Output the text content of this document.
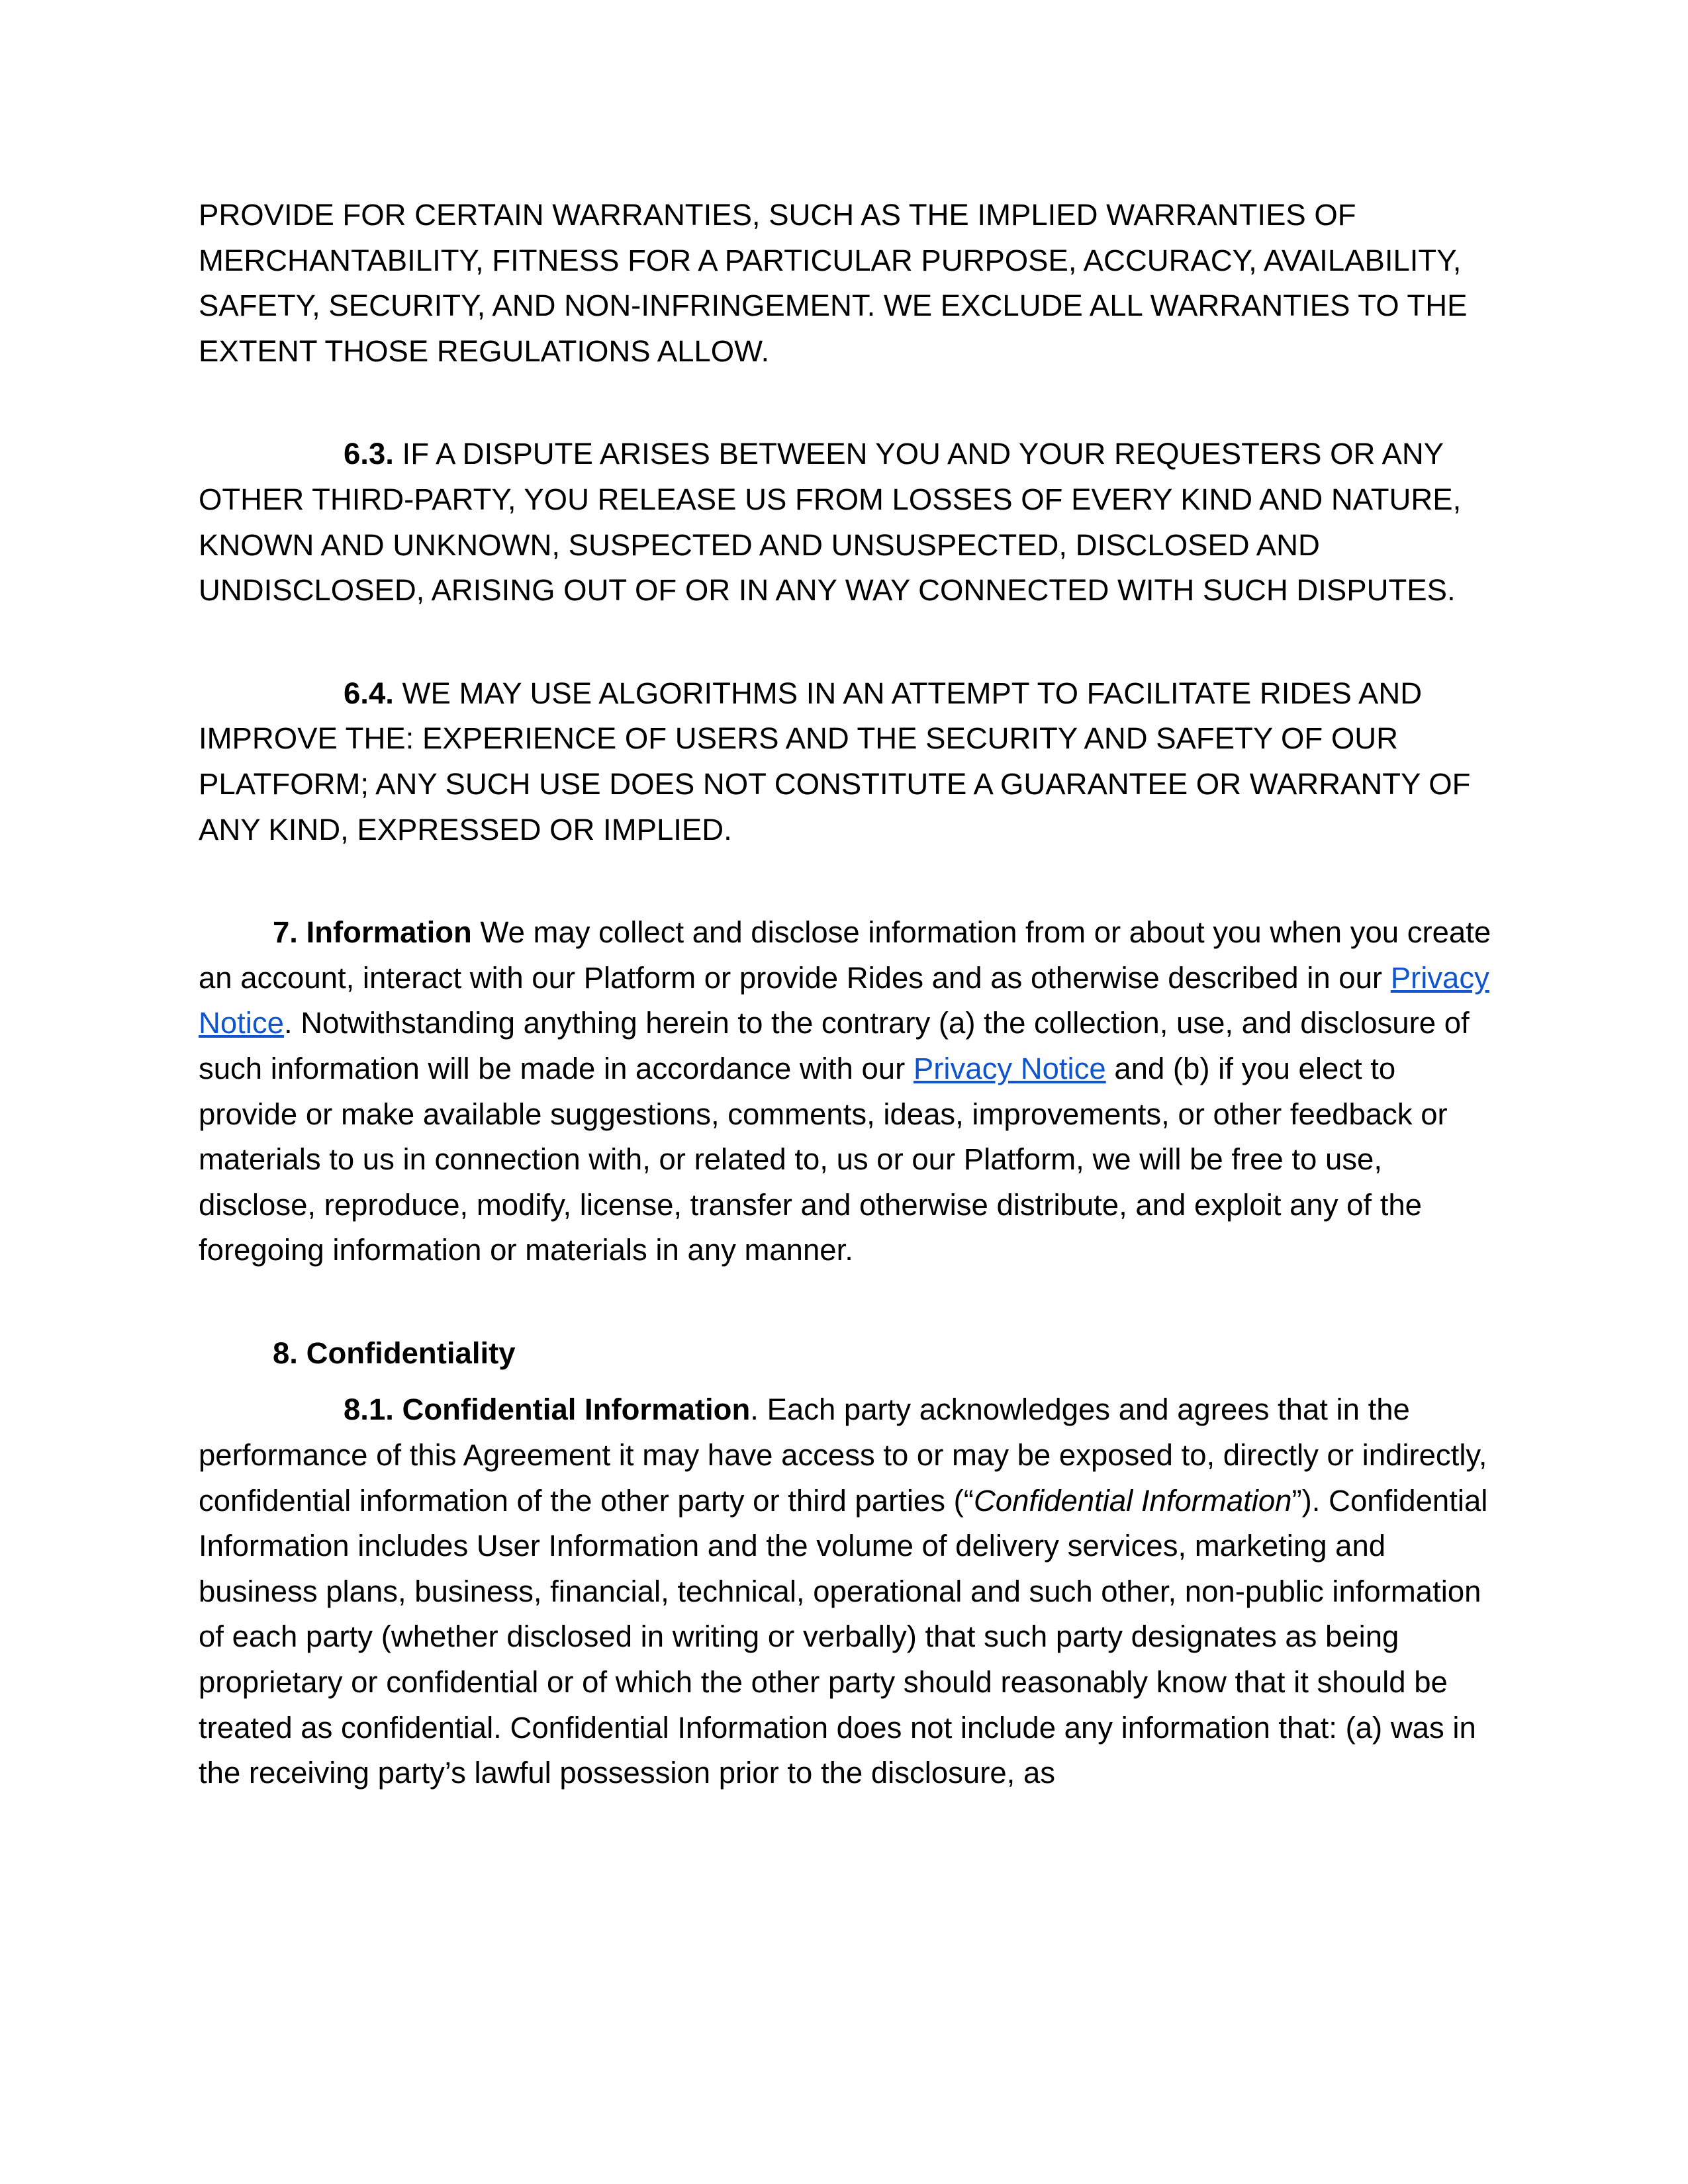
PROVIDE FOR CERTAIN WARRANTIES, SUCH AS THE IMPLIED WARRANTIES OF MERCHANTABILITY, FITNESS FOR A PARTICULAR PURPOSE, ACCURACY, AVAILABILITY, SAFETY, SECURITY, AND NON-INFRINGEMENT. WE EXCLUDE ALL WARRANTIES TO THE EXTENT THOSE REGULATIONS ALLOW.

6.3. IF A DISPUTE ARISES BETWEEN YOU AND YOUR REQUESTERS OR ANY OTHER THIRD-PARTY, YOU RELEASE US FROM LOSSES OF EVERY KIND AND NATURE, KNOWN AND UNKNOWN, SUSPECTED AND UNSUSPECTED, DISCLOSED AND UNDISCLOSED, ARISING OUT OF OR IN ANY WAY CONNECTED WITH SUCH DISPUTES.

6.4. WE MAY USE ALGORITHMS IN AN ATTEMPT TO FACILITATE RIDES AND IMPROVE THE: EXPERIENCE OF USERS AND THE SECURITY AND SAFETY OF OUR PLATFORM; ANY SUCH USE DOES NOT CONSTITUTE A GUARANTEE OR WARRANTY OF ANY KIND, EXPRESSED OR IMPLIED.

7. Information We may collect and disclose information from or about you when you create an account, interact with our Platform or provide Rides and as otherwise described in our Privacy Notice. Notwithstanding anything herein to the contrary (a) the collection, use, and disclosure of such information will be made in accordance with our Privacy Notice and (b) if you elect to provide or make available suggestions, comments, ideas, improvements, or other feedback or materials to us in connection with, or related to, us or our Platform, we will be free to use, disclose, reproduce, modify, license, transfer and otherwise distribute, and exploit any of the foregoing information or materials in any manner.

8. Confidentiality

8.1. Confidential Information. Each party acknowledges and agrees that in the performance of this Agreement it may have access to or may be exposed to, directly or indirectly, confidential information of the other party or third parties (“Confidential Information”). Confidential Information includes User Information and the volume of delivery services, marketing and business plans, business, financial, technical, operational and such other, non-public information of each party (whether disclosed in writing or verbally) that such party designates as being proprietary or confidential or of which the other party should reasonably know that it should be treated as confidential. Confidential Information does not include any information that: (a) was in the receiving party’s lawful possession prior to the disclosure, as
